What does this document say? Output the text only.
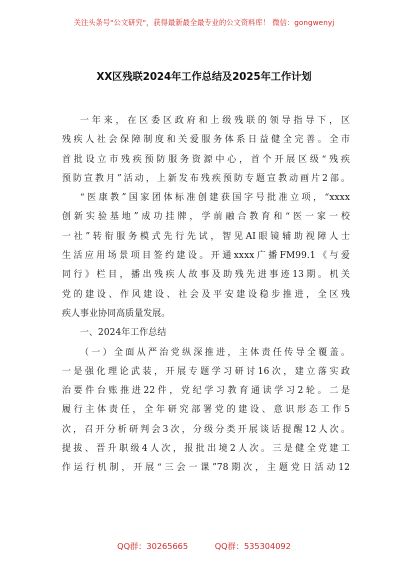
关注头条号"公文研究"，获得最新最全最专业的公文资料库！ 微信：gongwenyj
XX区残联2024年工作总结及2025年工作计划
一年来，在区委区政府和上级残联的领导指导下，区
残疾人社会保障制度和关爱服务体系日益健全完善。全市
首批设立市残疾预防服务资源中心，首个开展区级“残疾
预防宣教月”活动，上新发布残疾预防专题宣教动画片2部。
“医康教”国家团体标准创建获国字号批准立项，“xxxx
创新实验基地”成功挂牌，学前融合教育和“医一家一校
一社”转衔服务模式先行先试，智见AI眼镜辅助视障人士
生活应用场景项目签约建设。开通xxxx广播FM99.1《与爱
同行》栏目，播出残疾人故事及助残先进事迹13期。机关
党的建设、作风建设、社会及平安建设稳步推进，全区残
疾人事业协同高质量发展。
一、2024年工作总结
（一）全面从严治党纵深推进，主体责任传导全覆盖。
一是强化理论武装，开展专题学习研讨16次，建立落实政
治要件台账推进22件，党纪学习教育通读学习2轮。二是
履行主体责任，全年研究部署党的建设、意识形态工作5
次，召开分析研判会3次，分级分类开展谈话提醒12人次。
提拔、晋升职级4人次，报批出境2人次。三是健全党建工
作运行机制，开展“三会一课”78期次，主题党日活动12
QQ群：30265665	QQ群：535304092
